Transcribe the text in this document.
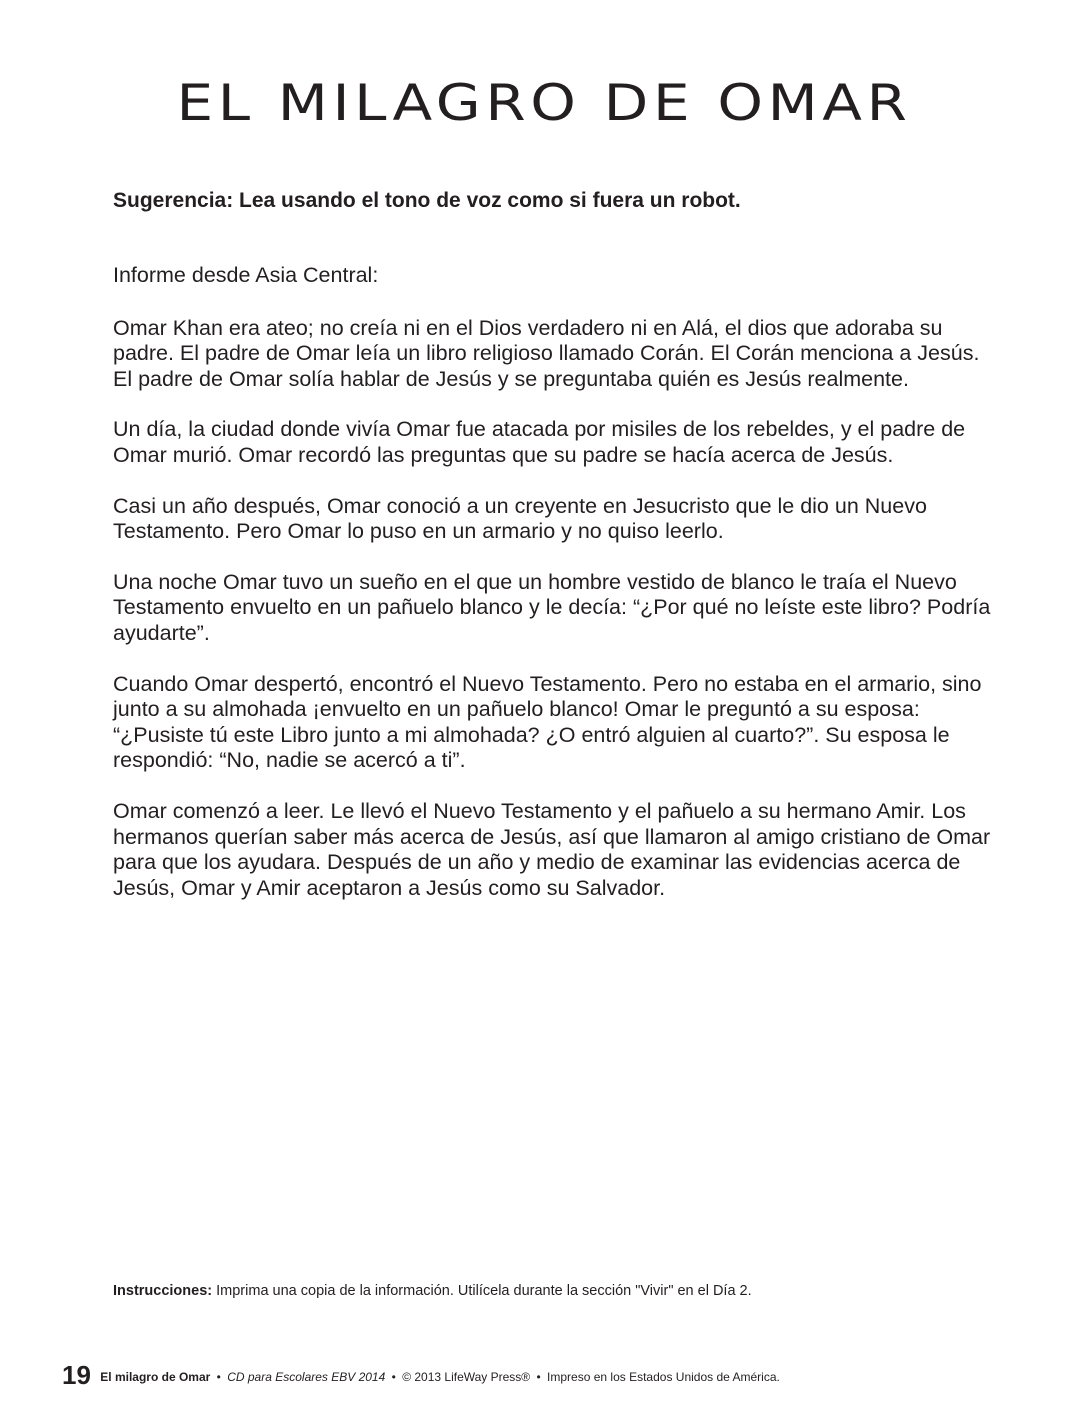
EL MILAGRO DE OMAR
Sugerencia: Lea usando el tono de voz como si fuera un robot.

Informe desde Asia Central:

Omar Khan era ateo; no creía ni en el Dios verdadero ni en Alá, el dios que adoraba su padre. El padre de Omar leía un libro religioso llamado Corán. El Corán menciona a Jesús. El padre de Omar solía hablar de Jesús y se preguntaba quién es Jesús realmente.

Un día, la ciudad donde vivía Omar fue atacada por misiles de los rebeldes, y el padre de Omar murió. Omar recordó las preguntas que su padre se hacía acerca de Jesús.

Casi un año después, Omar conoció a un creyente en Jesucristo que le dio un Nuevo Testamento. Pero Omar lo puso en un armario y no quiso leerlo.

Una noche Omar tuvo un sueño en el que un hombre vestido de blanco le traía el Nuevo Testamento envuelto en un pañuelo blanco y le decía: “¿Por qué no leíste este libro? Podría ayudarte”.

Cuando Omar despertó, encontró el Nuevo Testamento. Pero no estaba en el armario, sino junto a su almohada ¡envuelto en un pañuelo blanco! Omar le preguntó a su esposa: “¿Pusiste tú este Libro junto a mi almohada? ¿O entró alguien al cuarto?”. Su esposa le respondió: “No, nadie se acercó a ti”.

Omar comenzó a leer. Le llevó el Nuevo Testamento y el pañuelo a su hermano Amir. Los hermanos querían saber más acerca de Jesús, así que llamaron al amigo cristiano de Omar para que los ayudara. Después de un año y medio de examinar las evidencias acerca de Jesús, Omar y Amir aceptaron a Jesús como su Salvador.

Instrucciones: Imprima una copia de la información. Utilícela durante la sección "Vivir" en el Día 2.
19 El milagro de Omar • CD para Escolares EBV 2014 • © 2013 LifeWay Press® • Impreso en los Estados Unidos de América.
